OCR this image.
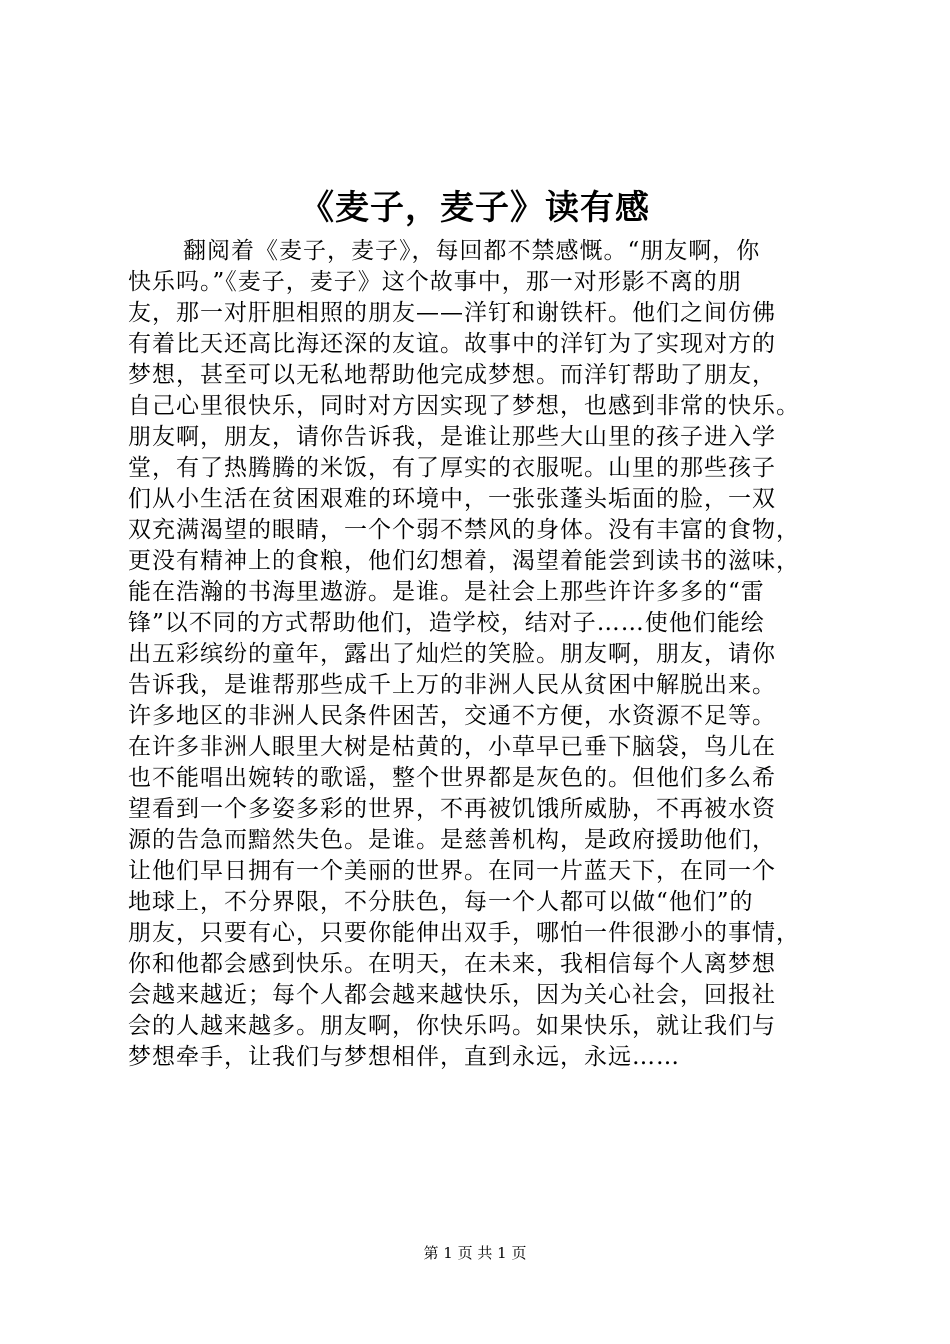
《麦子，麦子》读有感
翻阅着《麦子，麦子》，每回都不禁感慨。“朋友啊，你
快乐吗。”《麦子，麦子》这个故事中，那一对形影不离的朋
友，那一对肝胆相照的朋友——洋钉和谢铁杆。他们之间仿佛
有着比天还高比海还深的友谊。故事中的洋钉为了实现对方的
梦想，甚至可以无私地帮助他完成梦想。而洋钉帮助了朋友，
自己心里很快乐，同时对方因实现了梦想，也感到非常的快乐。
朋友啊，朋友，请你告诉我，是谁让那些大山里的孩子进入学
堂，有了热腾腾的米饭，有了厚实的衣服呢。山里的那些孩子
们从小生活在贫困艰难的环境中，一张张蓬头垢面的脸，一双
双充满渴望的眼睛，一个个弱不禁风的身体。没有丰富的食物，
更没有精神上的食粮，他们幻想着，渴望着能尝到读书的滋味，
能在浩瀚的书海里遨游。是谁。是社会上那些许许多多的“雷
锋”以不同的方式帮助他们，造学校，结对子……使他们能绘
出五彩缤纷的童年，露出了灿烂的笑脸。朋友啊，朋友，请你
告诉我，是谁帮那些成千上万的非洲人民从贫困中解脱出来。
许多地区的非洲人民条件困苦，交通不方便，水资源不足等。
在许多非洲人眼里大树是枯黄的，小草早已垂下脑袋，鸟儿在
也不能唱出婉转的歌谣，整个世界都是灰色的。但他们多么希
望看到一个多姿多彩的世界，不再被饥饿所威胁，不再被水资
源的告急而黯然失色。是谁。是慈善机构，是政府援助他们，
让他们早日拥有一个美丽的世界。在同一片蓝天下，在同一个
地球上，不分界限，不分肤色，每一个人都可以做“他们”的
朋友，只要有心，只要你能伸出双手，哪怕一件很渺小的事情，
你和他都会感到快乐。在明天，在未来，我相信每个人离梦想
会越来越近；每个人都会越来越快乐，因为关心社会，回报社
会的人越来越多。朋友啊，你快乐吗。如果快乐，就让我们与
梦想牵手，让我们与梦想相伴，直到永远，永远……
第 1 页 共 1 页
